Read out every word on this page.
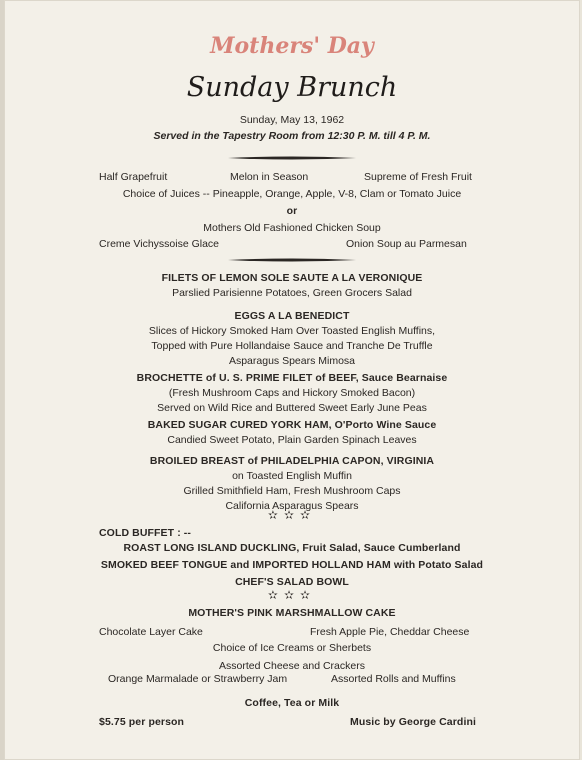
Mothers' Day
Sunday Brunch
Sunday, May 13, 1962
Served in the Tapestry Room from 12:30 P. M. till 4 P. M.
Half Grapefruit	Melon in Season	Supreme of Fresh Fruit
Choice of Juices -- Pineapple, Orange, Apple, V-8, Clam or Tomato Juice
or
Mothers Old Fashioned Chicken Soup
Creme Vichyssoise Glace	Onion Soup au Parmesan
FILETS OF LEMON SOLE SAUTE A LA VERONIQUE
Parslied Parisienne Potatoes, Green Grocers Salad
EGGS A LA BENEDICT
Slices of Hickory Smoked Ham Over Toasted English Muffins,
Topped with Pure Hollandaise Sauce and Tranche De Truffle
Asparagus Spears Mimosa
BROCHETTE of U. S. PRIME FILET of BEEF, Sauce Bearnaise
(Fresh Mushroom Caps and Hickory Smoked Bacon)
Served on Wild Rice and Buttered Sweet Early June Peas
BAKED SUGAR CURED YORK HAM, O'Porto Wine Sauce
Candied Sweet Potato, Plain Garden Spinach Leaves
BROILED BREAST of PHILADELPHIA CAPON, VIRGINIA
on Toasted English Muffin
Grilled Smithfield Ham, Fresh Mushroom Caps
California Asparagus Spears
✫✫✫
COLD BUFFET : --
ROAST LONG ISLAND DUCKLING, Fruit Salad, Sauce Cumberland
SMOKED BEEF TONGUE and IMPORTED HOLLAND HAM with Potato Salad
CHEF'S SALAD BOWL
✫✫✫
MOTHER'S PINK MARSHMALLOW CAKE
Chocolate Layer Cake	Fresh Apple Pie, Cheddar Cheese
Choice of Ice Creams or Sherbets
Assorted Cheese and Crackers
Orange Marmalade or Strawberry Jam	Assorted Rolls and Muffins
Coffee, Tea or Milk
$5.75 per person	Music by George Cardini
